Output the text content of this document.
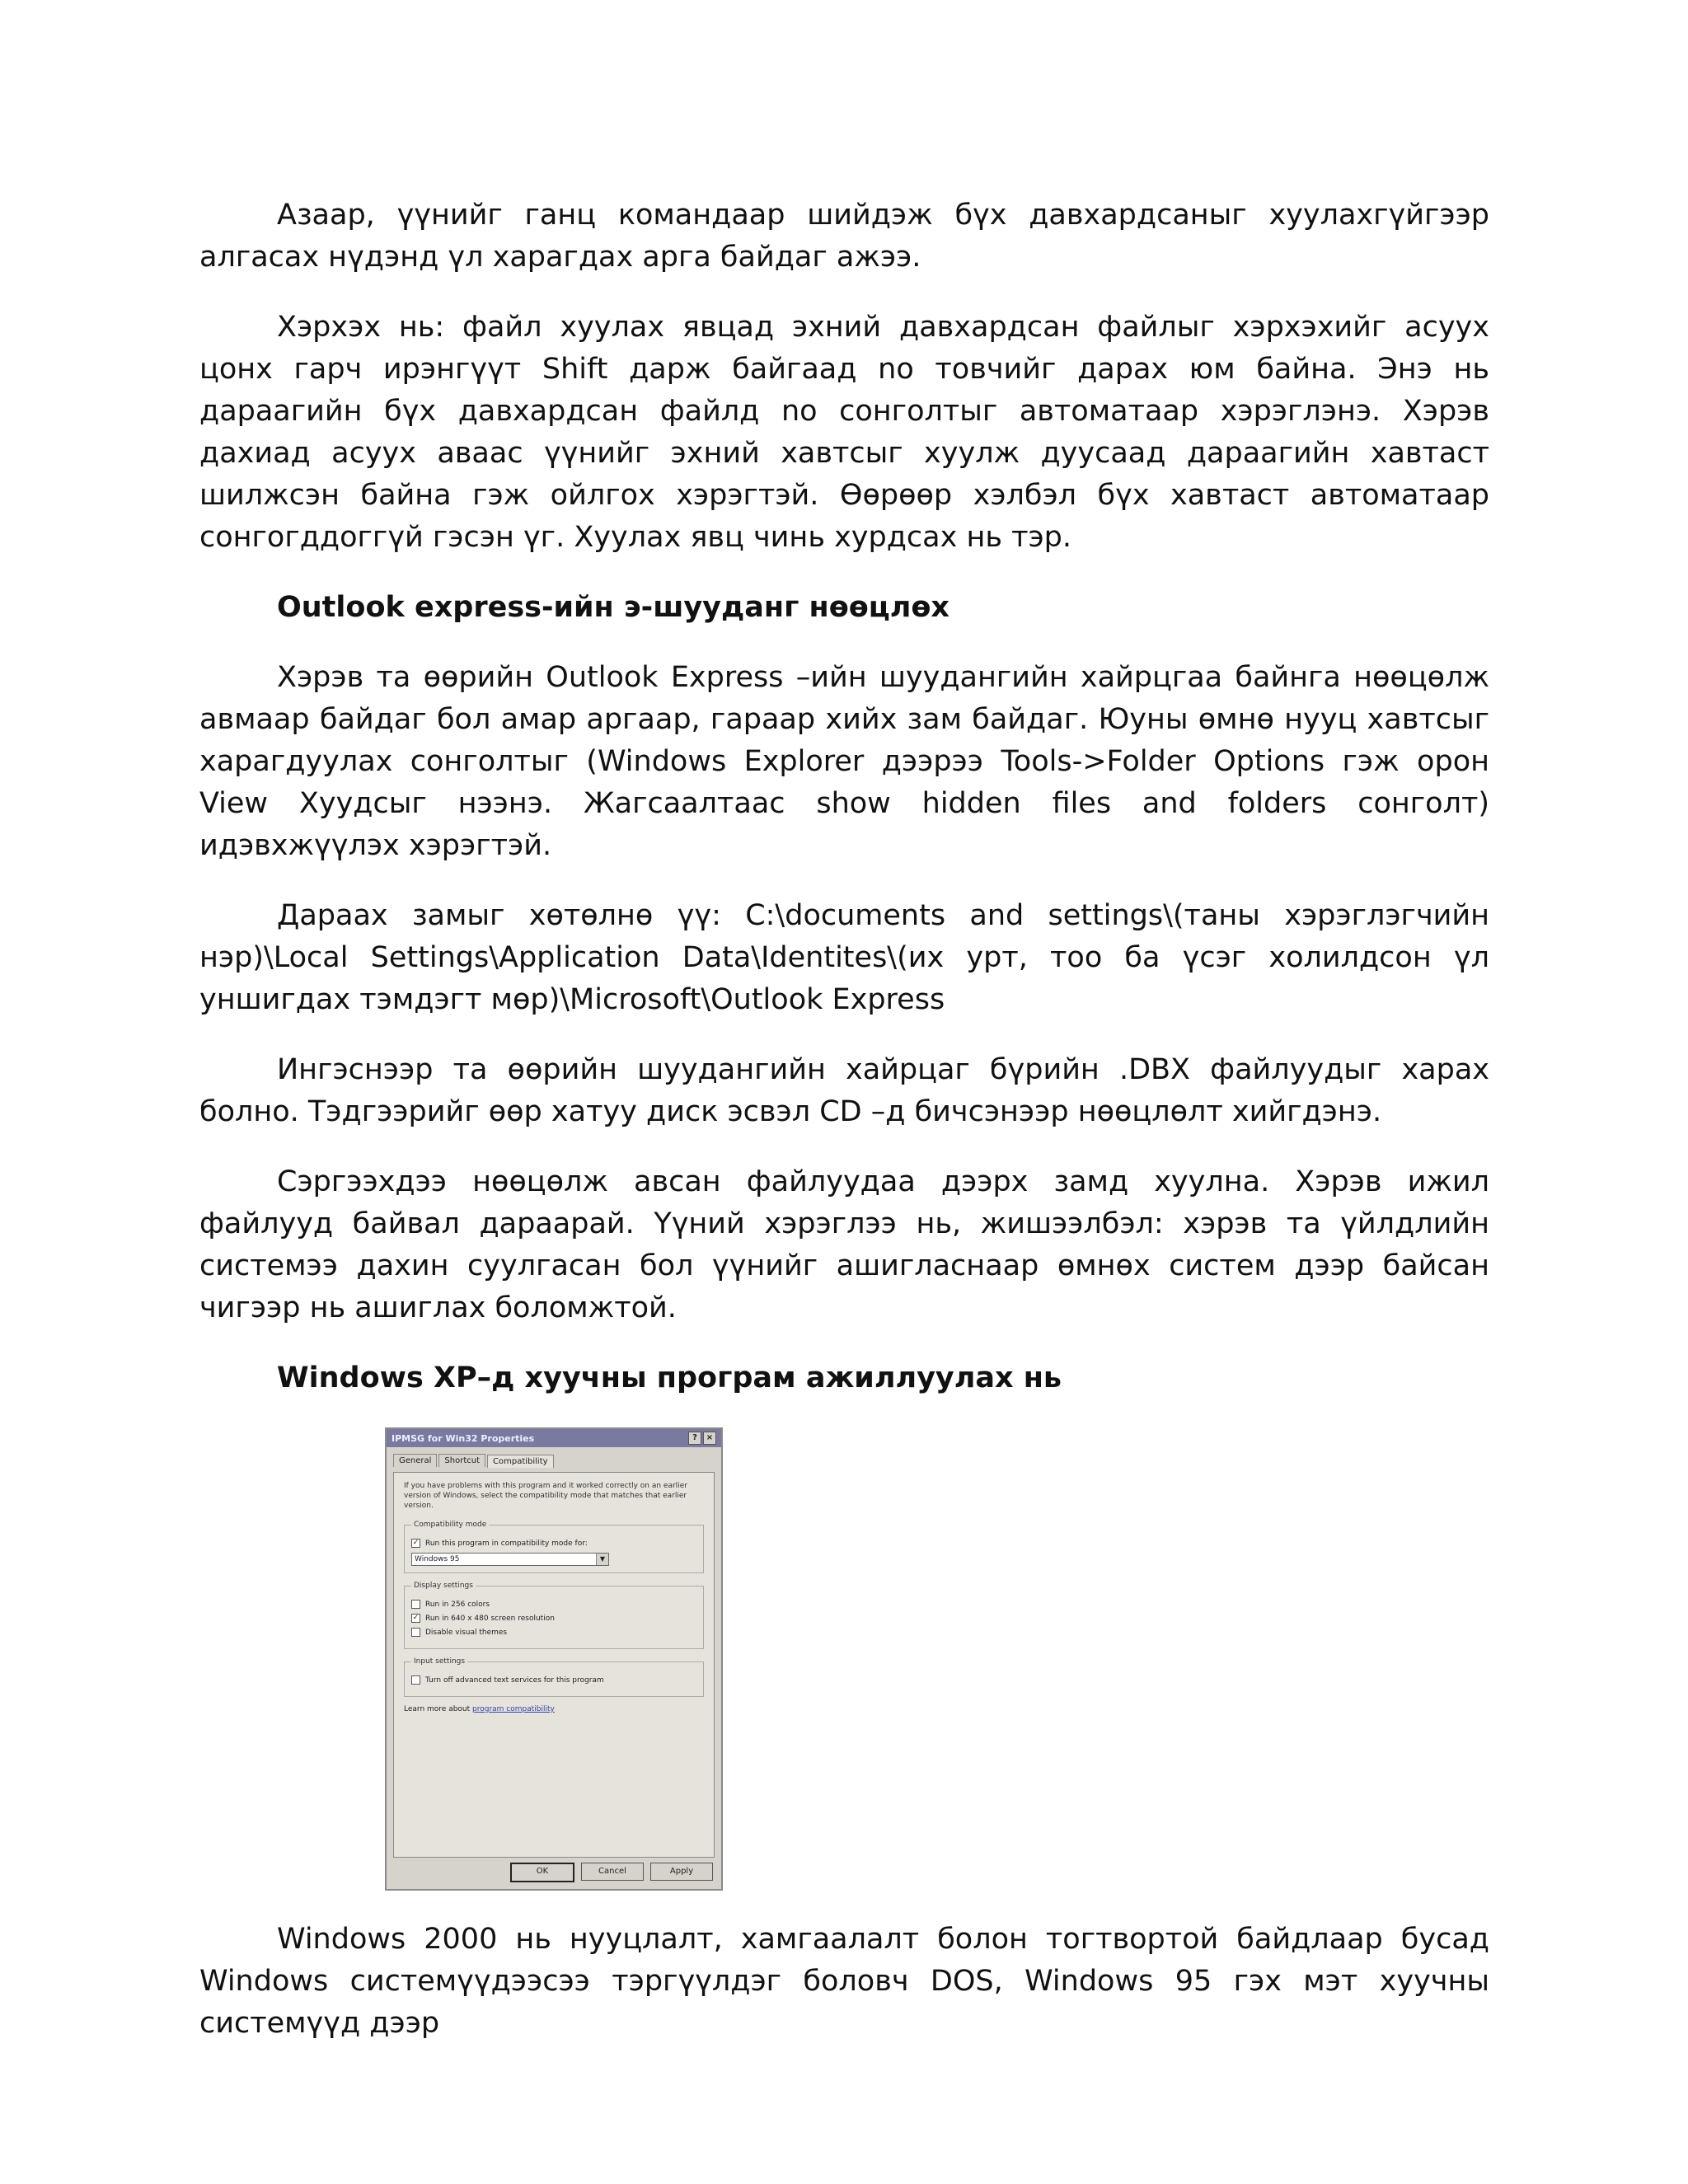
Азаар, үүнийг ганц командаар шийдэж бүх давхардсаныг хуулахгүйгээр алгасах нүдэнд үл харагдах арга байдаг ажээ.

Хэрхэх нь: файл хуулах явцад эхний давхардсан файлыг хэрхэхийг асуух цонх гарч ирэнгүүт Shift дарж байгаад no товчийг дарах юм байна. Энэ нь дараагийн бүх давхардсан файлд no сонголтыг автоматаар хэрэглэнэ. Хэрэв дахиад асуух аваас үүнийг эхний хавтсыг хуулж дуусаад дараагийн хавтаст шилжсэн байна гэж ойлгох хэрэгтэй. Өөрөөр хэлбэл бүх хавтаст автоматаар сонгогддоггүй гэсэн үг. Хуулах явц чинь хурдсах нь тэр.

Outlook express-ийн э-шууданг нөөцлөх

Хэрэв та өөрийн Outlook Express –ийн шуудангийн хайрцгаа байнга нөөцөлж авмаар байдаг бол амар аргаар, гараар хийх зам байдаг. Юуны өмнө нууц хавтсыг харагдуулах сонголтыг (Windows Explorer дээрээ Tools->Folder Options гэж орон View Хуудсыг нээнэ. Жагсаалтаас show hidden files and folders сонголт) идэвхжүүлэх хэрэгтэй.

Дараах замыг хөтөлнө үү: C:\documents and settings\(таны хэрэглэгчийн нэр)\Local Settings\Application Data\Identites\(их урт, тоо ба үсэг холилдсон үл уншигдах тэмдэгт мөр)\Microsoft\Outlook Express

Ингэснээр та өөрийн шуудангийн хайрцаг бүрийн .DBX файлуудыг харах болно. Тэдгээрийг өөр хатуу диск эсвэл CD –д бичсэнээр нөөцлөлт хийгдэнэ.

Сэргээхдээ нөөцөлж авсан файлуудаа дээрх замд хуулна. Хэрэв ижил файлууд байвал дараарай. Үүний хэрэглээ нь, жишээлбэл: хэрэв та үйлдлийн системээ дахин суулгасан бол үүнийг ашигласнаар өмнөх систем дээр байсан чигээр нь ашиглах боломжтой.

Windows XP–д хуучны програм ажиллуулах нь
IPMSG for Win32 Properties	?	×
General	Shortcut	Compatibility
If you have problems with this program and it worked correctly on an earlier version of Windows, select the compatibility mode that matches that earlier version.
Compatibility mode
✓ Run this program in compatibility mode for:
Windows 95	▼
Display settings
Run in 256 colors
✓ Run in 640 x 480 screen resolution
Disable visual themes
Input settings
Turn off advanced text services for this program
Learn more about program compatibility
OK	Cancel	Apply

Windows 2000 нь нууцлалт, хамгаалалт болон тогтвортой байдлаар бусад Windows системүүдээсээ тэргүүлдэг боловч DOS, Windows 95 гэх мэт хуучны системүүд дээр
